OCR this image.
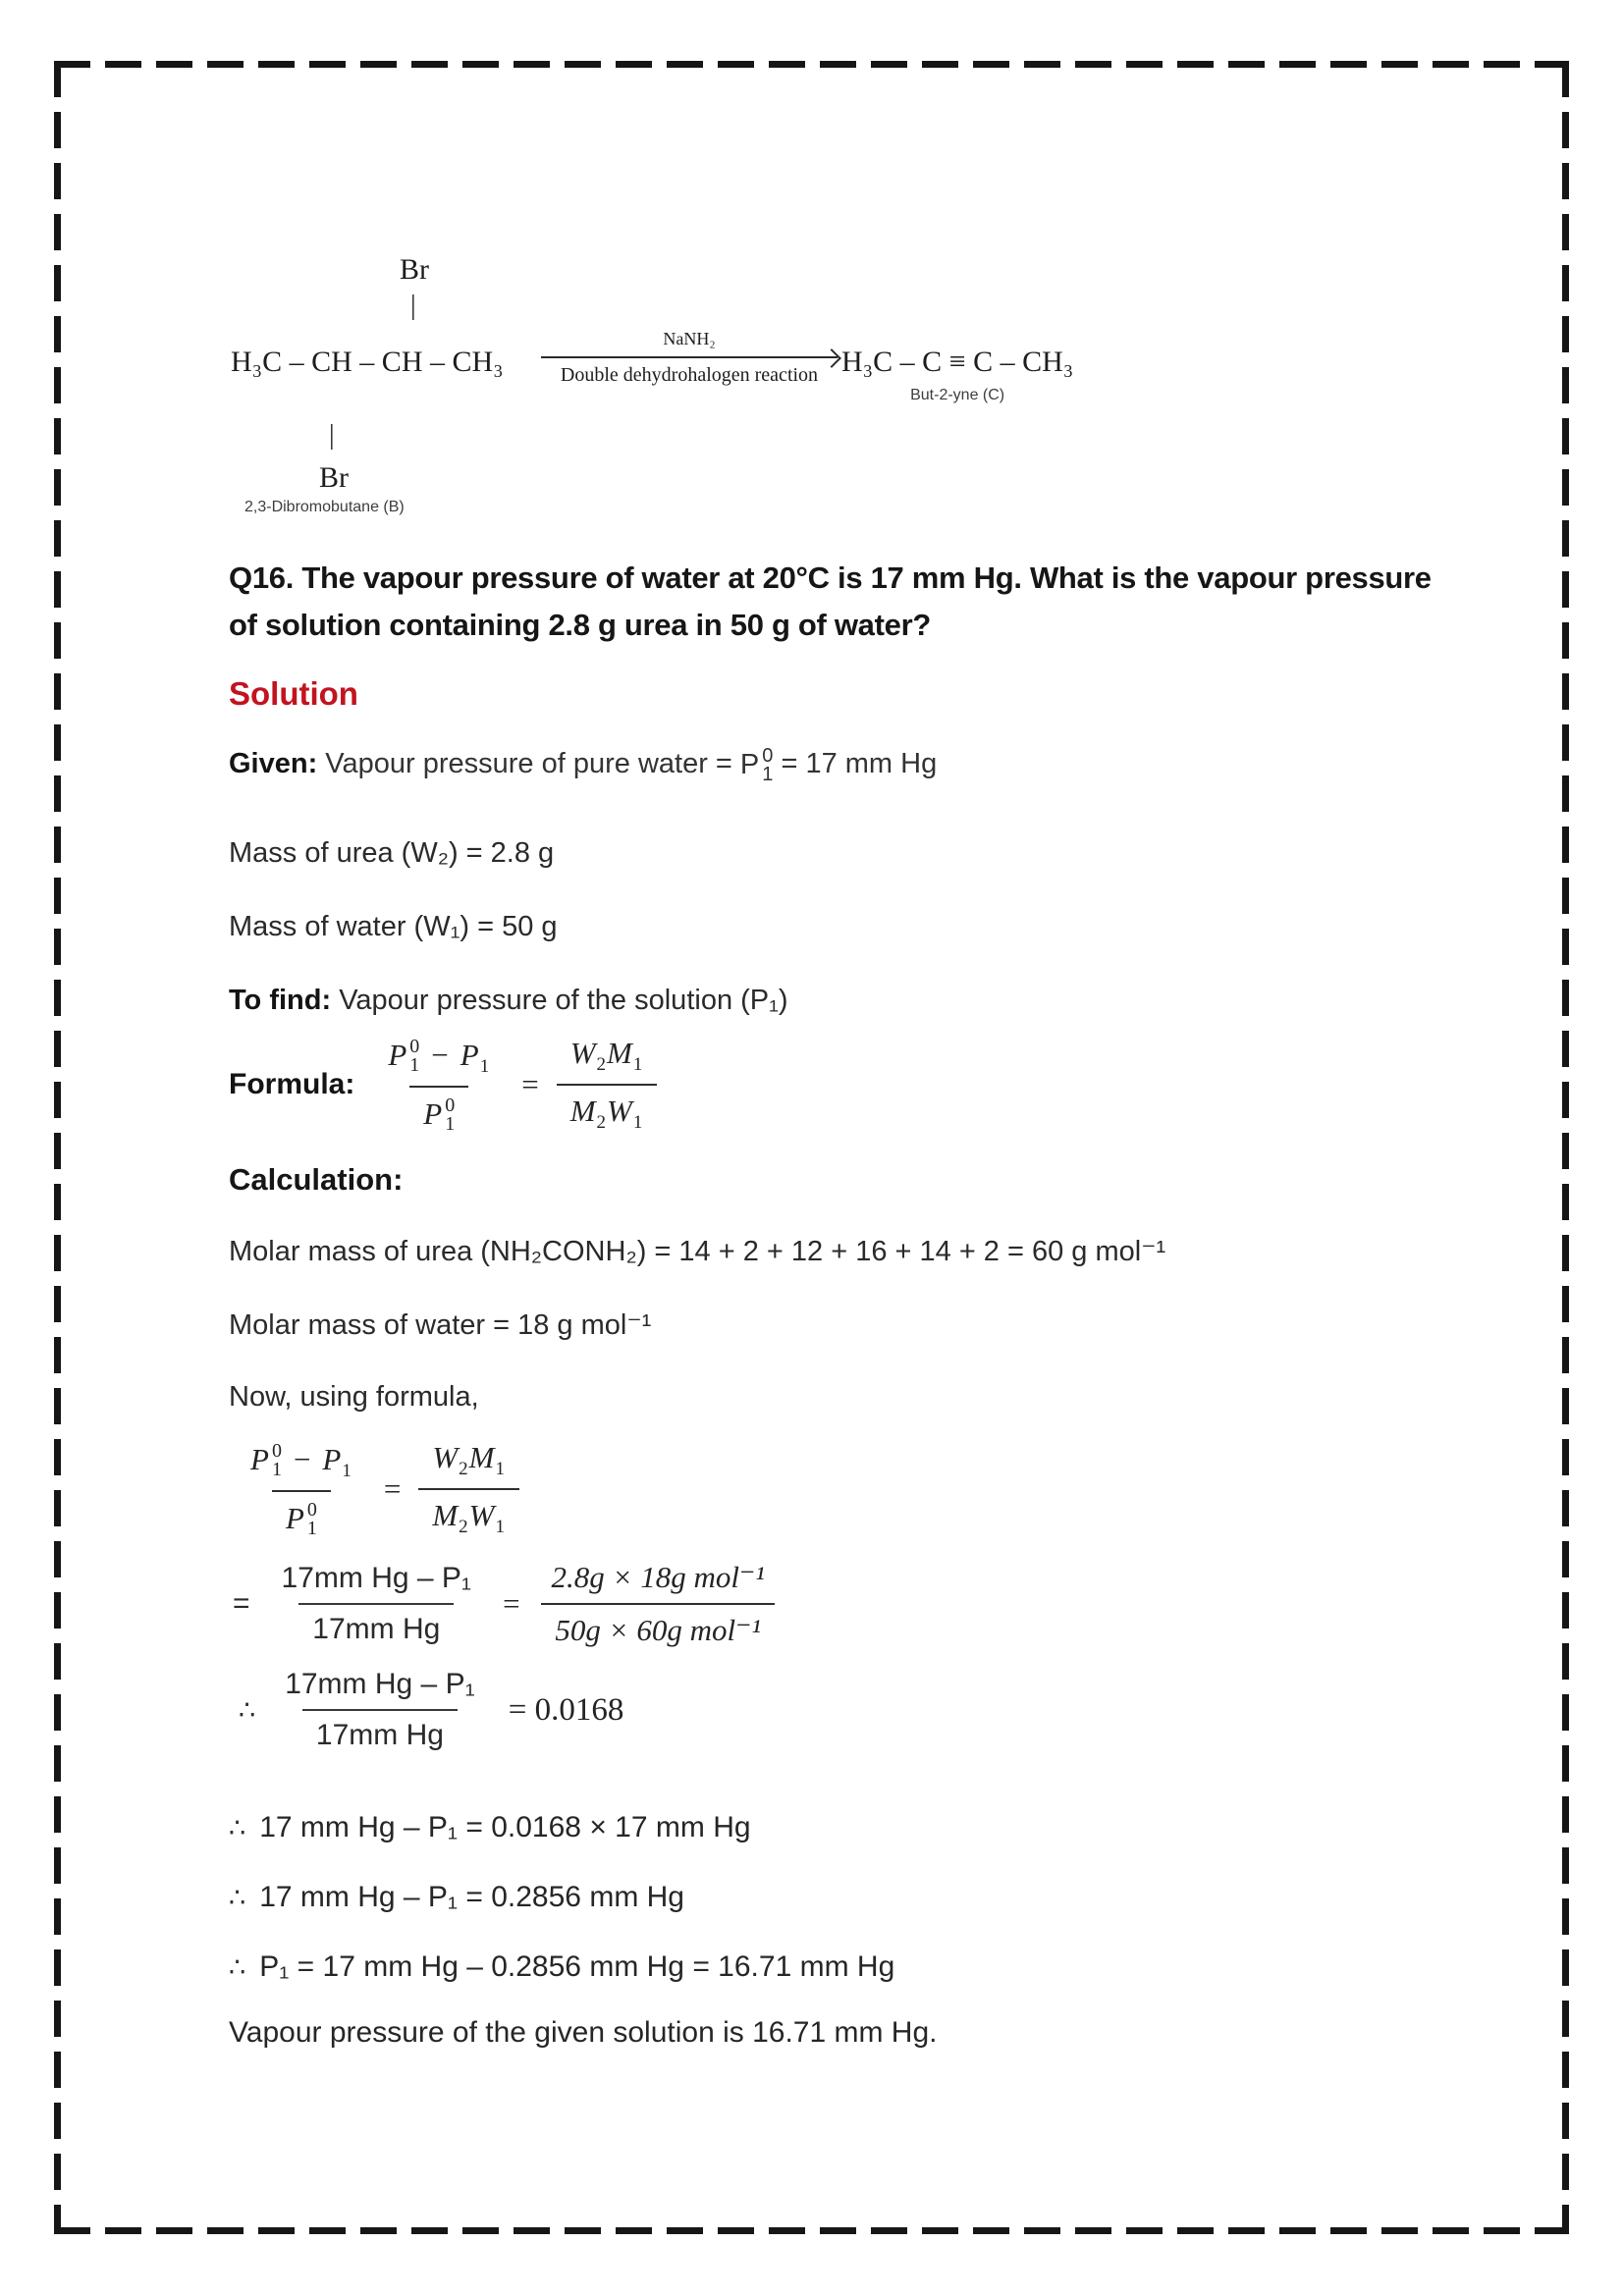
Br
|
H₃C – CH – CH – CH₃
NaNH₂
Double dehydrohalogen reaction H₃C – C ≡ C – CH₃
But-2-yne (C)
|
Br
2,3-Dibromobutane (B)
Q16. The vapour pressure of water at 20°C is 17 mm Hg. What is the vapour pressure
of solution containing 2.8 g urea in 50 g of water?
Solution
Given: Vapour pressure of pure water = P 0
1 = 17 mm Hg
Mass of urea (W₂) = 2.8 g
Mass of water (W₁) = 50 g
To find: Vapour pressure of the solution (P₁)
Formula: P 0
$1 - P_1$
P 0
$1 = \frac{W_2M_1}{M_2W_1}$
Calculation:
Molar mass of urea (NH₂CONH₂) = 14 + 2 + 12 + 16 + 14 + 2 = 60 g mol⁻¹
Molar mass of water = 18 g mol⁻¹
Now, using formula,
P 0
$1 - P_1$
P 0
$1 = \frac{W_2M_1}{M_2W_1}$
= $\frac{\text{17mm Hg – P₁}}{\text{17mm Hg}} = \frac{\text{2.8g × 18g mol⁻¹}}{\text{50g × 60g mol⁻¹}}$
∴ $\frac{\text{17mm Hg – P₁}}{\text{17mm Hg}} = 0.0168$
∴ 17 mm Hg – P₁ = 0.0168 × 17 mm Hg
∴ 17 mm Hg – P₁ = 0.2856 mm Hg
∴ P₁ = 17 mm Hg – 0.2856 mm Hg = 16.71 mm Hg
Vapour pressure of the given solution is 16.71 mm Hg.
